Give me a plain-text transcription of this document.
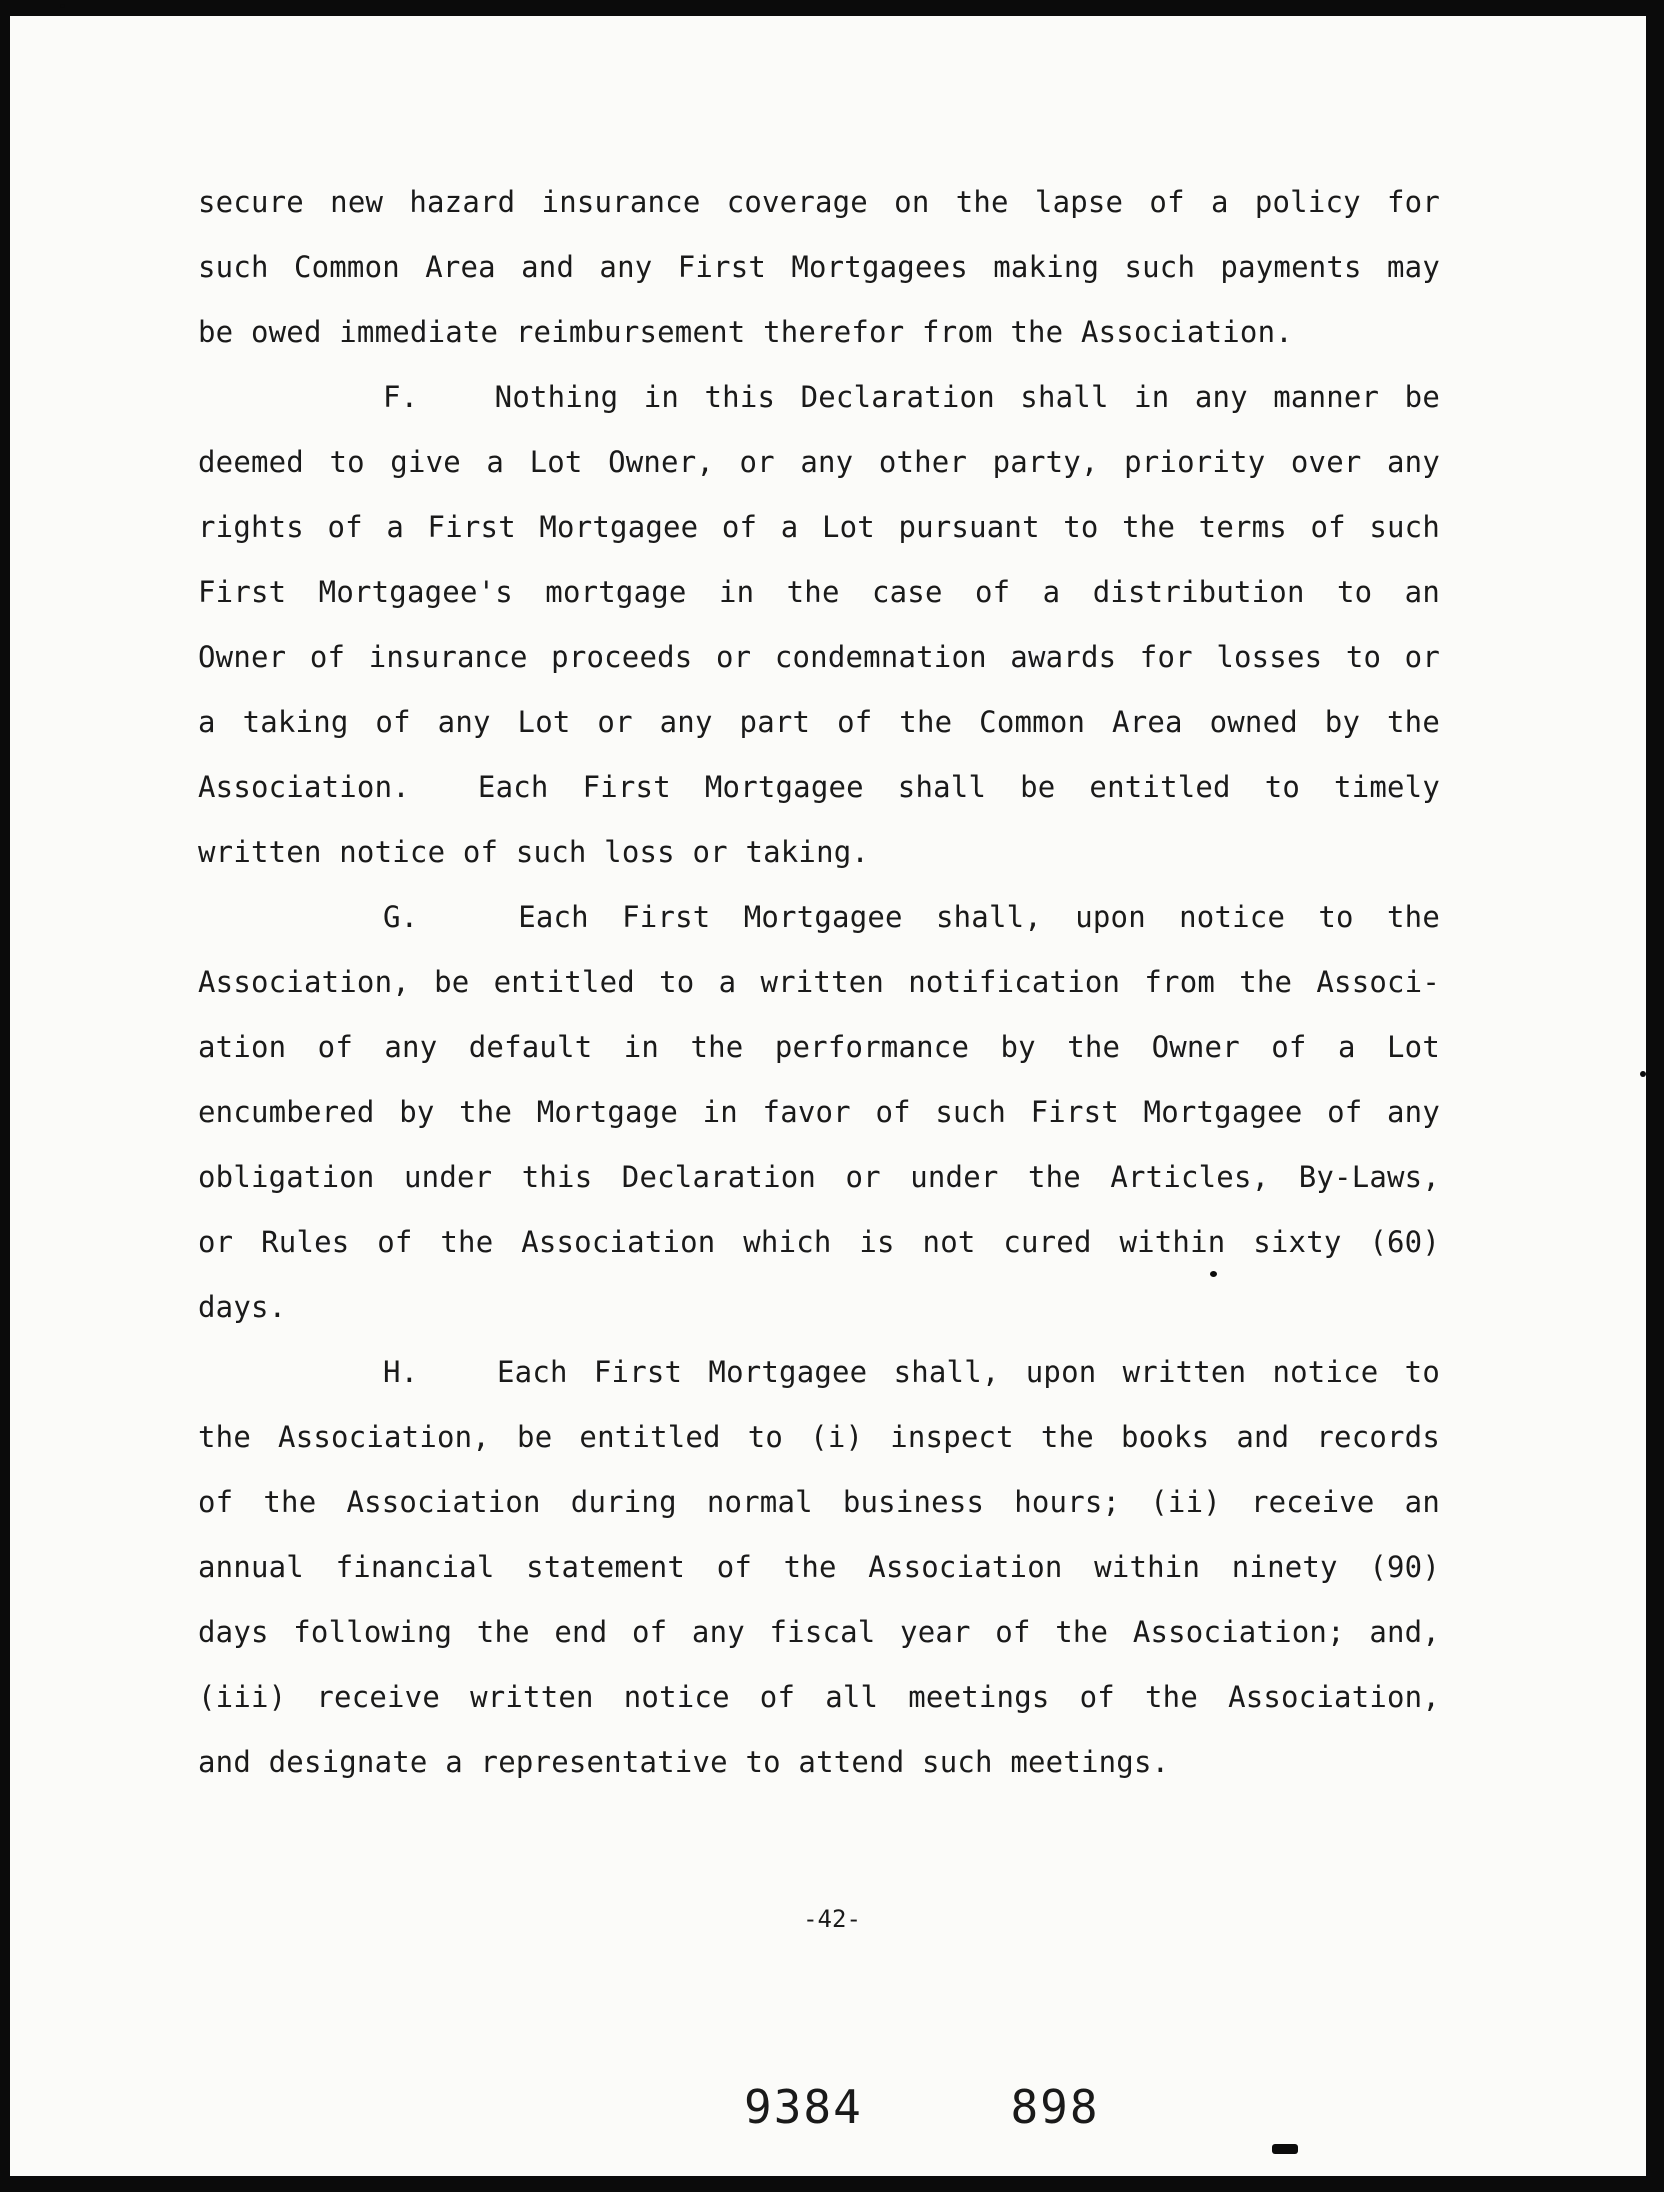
secure new hazard insurance coverage on the lapse of a policy for
such Common Area and any First Mortgagees making such payments may
be owed immediate reimbursement therefor from the Association.
F.   Nothing in this Declaration shall in any manner be
deemed to give a Lot Owner, or any other party, priority over any
rights of a First Mortgagee of a Lot pursuant to the terms of such
First Mortgagee's mortgage in the case of a distribution to an
Owner of insurance proceeds or condemnation awards for losses to or
a taking of any Lot or any part of the Common Area owned by the
Association.  Each First Mortgagee shall be entitled to timely
written notice of such loss or taking.
G.   Each First Mortgagee shall, upon notice to the
Association, be entitled to a written notification from the Associ-
ation of any default in the performance by the Owner of a Lot
encumbered by the Mortgage in favor of such First Mortgagee of any
obligation under this Declaration or under the Articles, By-Laws,
or Rules of the Association which is not cured within sixty (60)
days.
H.   Each First Mortgagee shall, upon written notice to
the Association, be entitled to (i) inspect the books and records
of the Association during normal business hours; (ii) receive an
annual financial statement of the Association within ninety (90)
days following the end of any fiscal year of the Association; and,
(iii) receive written notice of all meetings of the Association,
and designate a representative to attend such meetings.
-42-
9384	898
